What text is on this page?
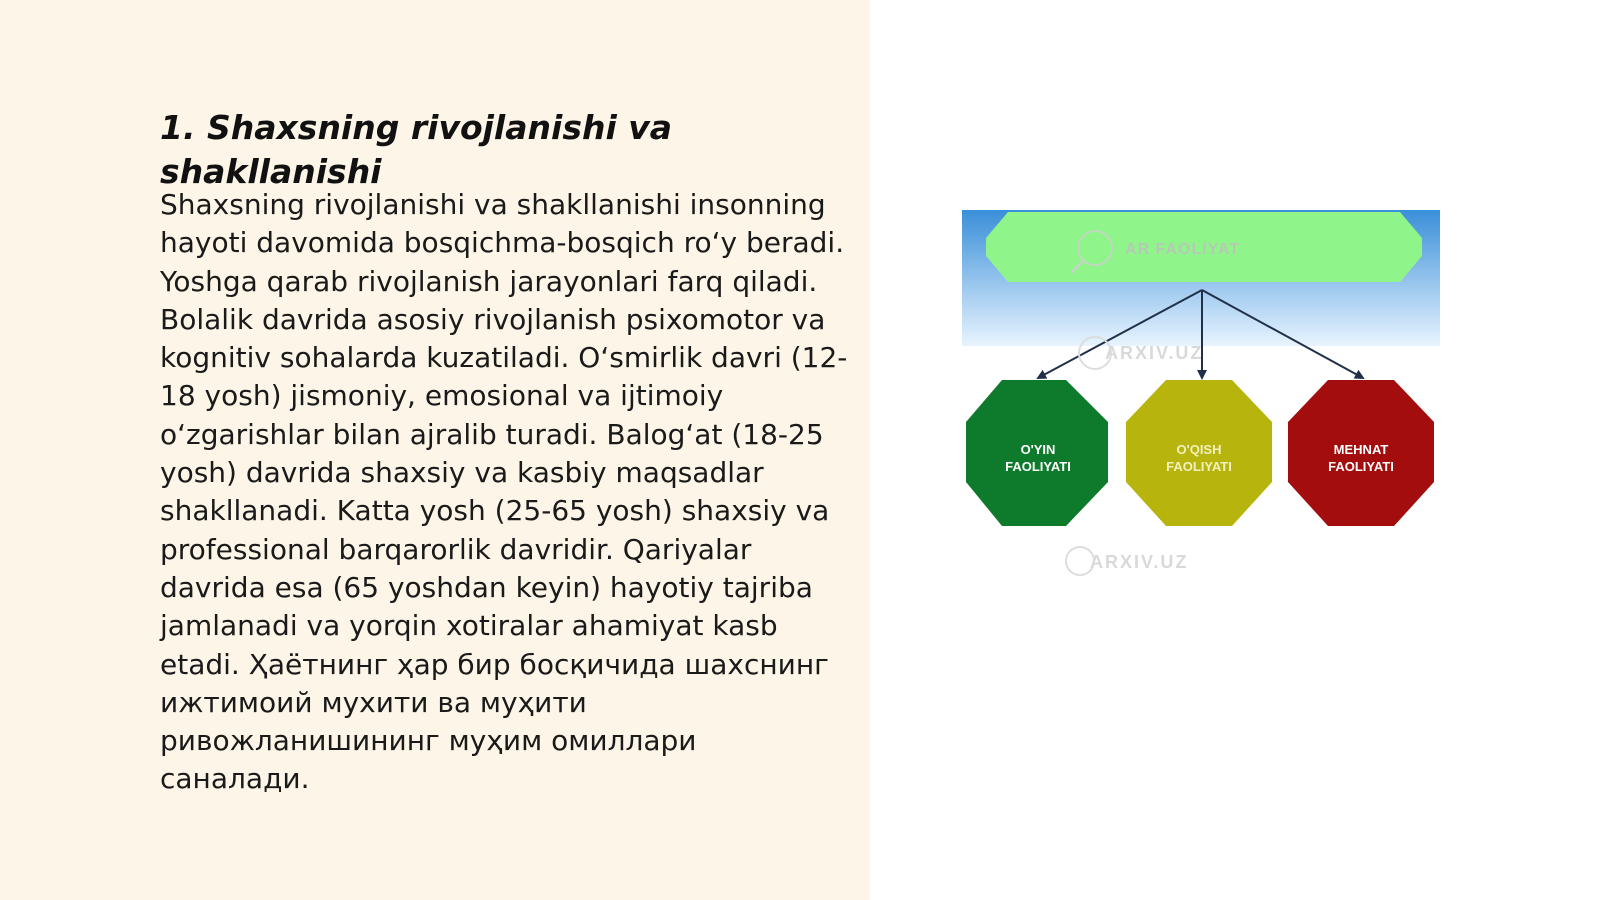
1. Shaxsning rivojlanishi va shakllanishi

Shaxsning rivojlanishi va shakllanishi insonning hayoti davomida bosqichma-bosqich ro‘y beradi. Yoshga qarab rivojlanish jarayonlari farq qiladi. Bolalik davrida asosiy rivojlanish psixomotor va kognitiv sohalarda kuzatiladi. O‘smirlik davri (12-18 yosh) jismoniy, emosional va ijtimoiy o‘zgarishlar bilan ajralib turadi. Balog‘at (18-25 yosh) davrida shaxsiy va kasbiy maqsadlar shakllanadi. Katta yosh (25-65 yosh) shaxsiy va professional barqarorlik davridir. Qariyalar davrida esa (65 yoshdan keyin) hayotiy tajriba jamlanadi va yorqin xotiralar ahamiyat kasb etadi. Ҳаётнинг ҳар бир босқичида шахснинг ижтимоий мухити ва муҳити ривожланишининг муҳим омиллари саналади.

AR FAOLIYAT
ARXIV.UZ
O'YIN
FAOLIYATI
O'QISH
FAOLIYATI
MEHNAT
FAOLIYATI
ARXIV.UZ
